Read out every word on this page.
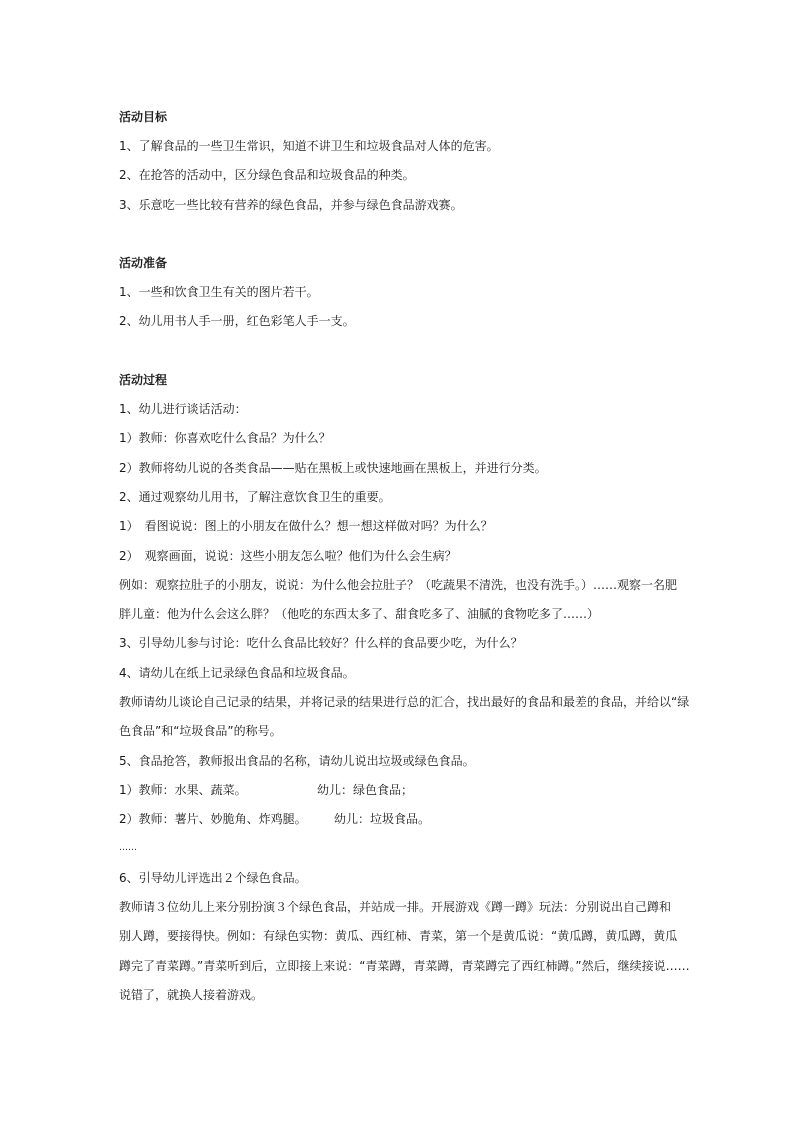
活动目标

1、了解食品的一些卫生常识，知道不讲卫生和垃圾食品对人体的危害。

2、在抢答的活动中，区分绿色食品和垃圾食品的种类。

3、乐意吃一些比较有营养的绿色食品，并参与绿色食品游戏赛。

活动准备

1、一些和饮食卫生有关的图片若干。

2、幼儿用书人手一册，红色彩笔人手一支。

活动过程

1、幼儿进行谈话活动：

1）教师：你喜欢吃什么食品？为什么？

2）教师将幼儿说的各类食品——贴在黑板上或快速地画在黑板上，并进行分类。

2、通过观察幼儿用书，了解注意饮食卫生的重要。

1）　看图说说：图上的小朋友在做什么？想一想这样做对吗？为什么？

2）　观察画面，说说：这些小朋友怎么啦？他们为什么会生病？

例如：观察拉肚子的小朋友，说说：为什么他会拉肚子？（吃蔬果不清洗，也没有洗手。）……观察一名肥

胖儿童：他为什么会这么胖？（他吃的东西太多了、甜食吃多了、油腻的食物吃多了……）

3、引导幼儿参与讨论：吃什么食品比较好？什么样的食品要少吃，为什么？

4、请幼儿在纸上记录绿色食品和垃圾食品。

教师请幼儿谈论自己记录的结果，并将记录的结果进行总的汇合，找出最好的食品和最差的食品，并给以“绿

色食品”和“垃圾食品”的称号。

5、食品抢答，教师报出食品的名称，请幼儿说出垃圾或绿色食品。

1）教师：水果、蔬菜。	幼儿：绿色食品；

2）教师：薯片、妙脆角、炸鸡腿。	幼儿：垃圾食品。

……

6、引导幼儿评选出２个绿色食品。

教师请３位幼儿上来分别扮演３个绿色食品，并站成一排。开展游戏《蹲一蹲》玩法：分别说出自己蹲和

别人蹲，要接得快。例如：有绿色实物：黄瓜、西红柿、青菜，第一个是黄瓜说：“黄瓜蹲，黄瓜蹲，黄瓜

蹲完了青菜蹲。”青菜听到后，立即接上来说：“青菜蹲，青菜蹲，青菜蹲完了西红柿蹲。”然后，继续接说……

说错了，就换人接着游戏。
